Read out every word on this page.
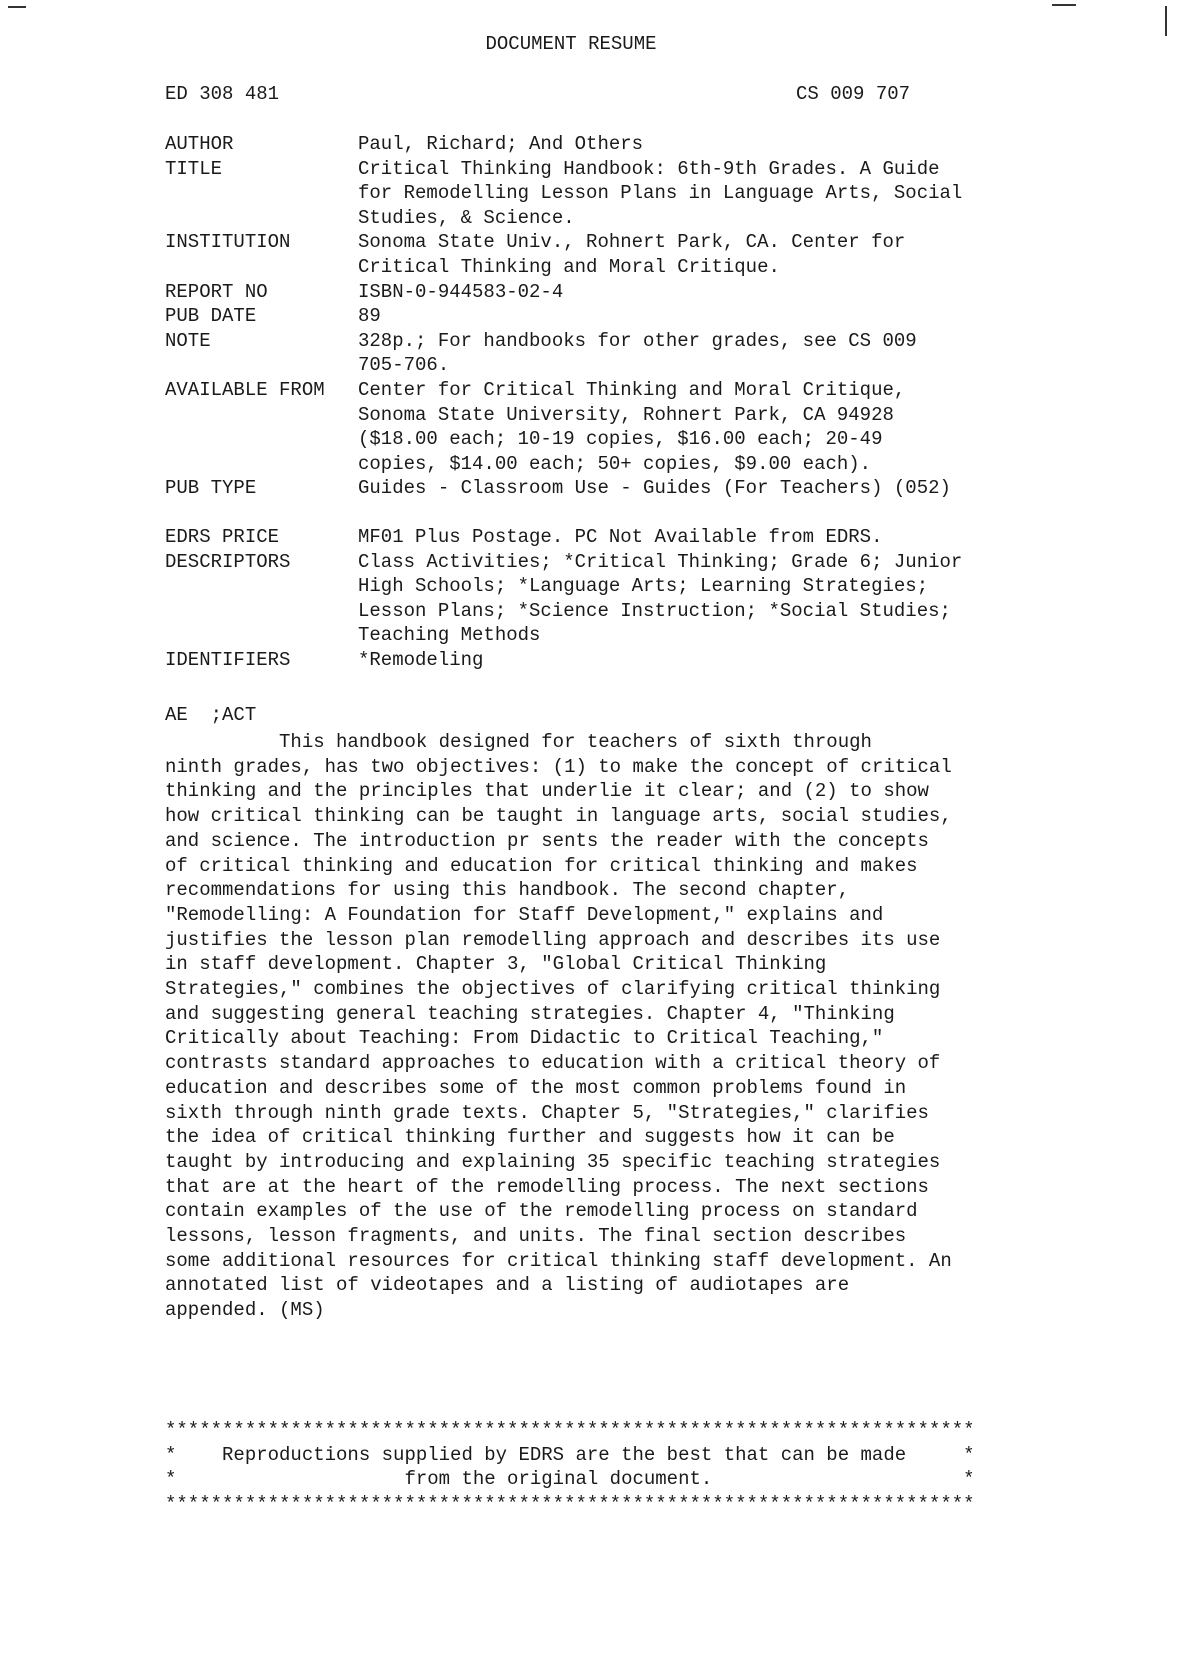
DOCUMENT RESUME
ED 308 481	CS 009 707
AUTHOR	Paul, Richard; And Others
TITLE	Critical Thinking Handbook: 6th-9th Grades. A Guide
for Remodelling Lesson Plans in Language Arts, Social
Studies, & Science.
INSTITUTION	Sonoma State Univ., Rohnert Park, CA. Center for
Critical Thinking and Moral Critique.
REPORT NO	ISBN-0-944583-02-4
PUB DATE	89
NOTE	328p.; For handbooks for other grades, see CS 009
705-706.
AVAILABLE FROM	Center for Critical Thinking and Moral Critique,
Sonoma State University, Rohnert Park, CA 94928
($18.00 each; 10-19 copies, $16.00 each; 20-49
copies, $14.00 each; 50+ copies, $9.00 each).
PUB TYPE	Guides - Classroom Use - Guides (For Teachers) (052)
EDRS PRICE	MF01 Plus Postage. PC Not Available from EDRS.
DESCRIPTORS	Class Activities; *Critical Thinking; Grade 6; Junior
High Schools; *Language Arts; Learning Strategies;
Lesson Plans; *Science Instruction; *Social Studies;
Teaching Methods
IDENTIFIERS	*Remodeling
AE  ;ACT
This handbook designed for teachers of sixth through
ninth grades, has two objectives: (1) to make the concept of critical
thinking and the principles that underlie it clear; and (2) to show
how critical thinking can be taught in language arts, social studies,
and science. The introduction pr sents the reader with the concepts
of critical thinking and education for critical thinking and makes
recommendations for using this handbook. The second chapter,
"Remodelling: A Foundation for Staff Development," explains and
justifies the lesson plan remodelling approach and describes its use
in staff development. Chapter 3, "Global Critical Thinking
Strategies," combines the objectives of clarifying critical thinking
and suggesting general teaching strategies. Chapter 4, "Thinking
Critically about Teaching: From Didactic to Critical Teaching,"
contrasts standard approaches to education with a critical theory of
education and describes some of the most common problems found in
sixth through ninth grade texts. Chapter 5, "Strategies," clarifies
the idea of critical thinking further and suggests how it can be
taught by introducing and explaining 35 specific teaching strategies
that are at the heart of the remodelling process. The next sections
contain examples of the use of the remodelling process on standard
lessons, lesson fragments, and units. The final section describes
some additional resources for critical thinking staff development. An
annotated list of videotapes and a listing of audiotapes are
appended. (MS)
***********************************************************************
*    Reproductions supplied by EDRS are the best that can be made     *
*                    from the original document.                      *
***********************************************************************
